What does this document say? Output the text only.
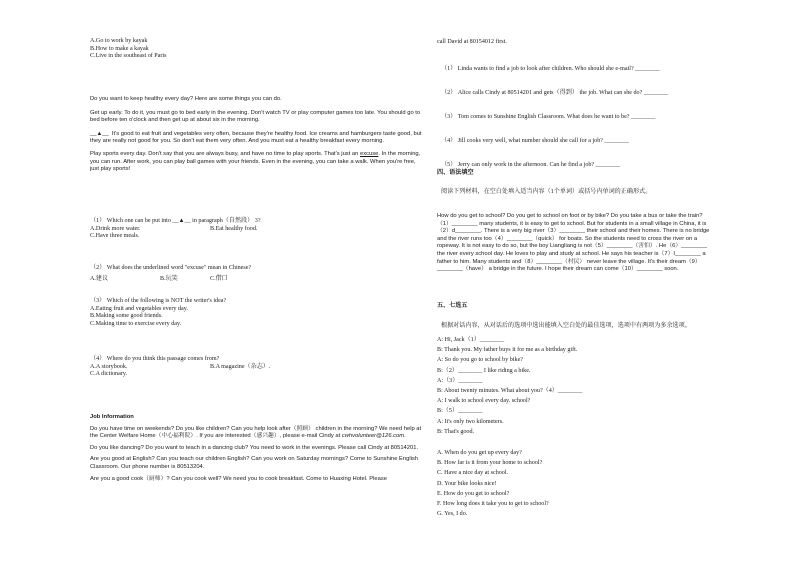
A.Go to work by kayak

B.How to make a kayak

C.Live in the southeast of Paris

Do you want to keep healthy every day? Here are some things you can do.

Get up early. To do it, you must go to bed early in the evening. Don't watch TV or play computer games too late. You should go to bed before ten o'clock and then get up at about six in the morning.

__▲__ It's good to eat fruit and vegetables very often, because they're healthy food. Ice creams and hamburgers taste good, but they are really not good for you. So don't eat them very often. And you must eat a healthy breakfast every morning.

Play sports every day. Don't say that you are always busy, and have no time to play sports. That's just an excuse. In the morning, you can run. After work, you can play ball games with your friends. Even in the evening, you can take a walk. When you're free, just play sports!

（1） Which one can be put into __▲__ in paragraph（自然段） 3?

A.Drink more water.	B.Eat healthy food.

C.Have three meals.

（2） What does the underlined word "excuse" mean in Chinese?

A.建议	B.玩笑	C.借口

（3） Which of the following is NOT the writer's idea?

A.Eating fruit and vegetables every day.

B.Making some good friends.

C.Making time to exercise every day.

（4） Where do you think this passage comes from?

A.A storybook.	B.A magazine（杂志）.

C.A dictionary.

Job Information

Do you have time on weekends? Do you like children? Can you help look after（照顾） children in the morning? We need help at the Center Welfare Home（中心福利院）. If you are interested（感兴趣）, please e-mail Cindy at cwhvolunteer@126.com.

Do you like dancing? Do you want to teach in a dancing club? You need to work in the evenings. Please call Cindy at 80514201.

Are you good at English? Can you teach our children English? Can you work on Saturday mornings? Come to Sunshine English Classroom. Our phone number is 80513204.

Are you a good cook（厨师）? Can you cook well? We need you to cook breakfast. Come to Huaxing Hotel. Please

call David at 80154012 first.

（1） Linda wants to find a job to look after children. Who should she e-mail? ________

（2） Alice calls Cindy at 80514201 and gets（得到） the job. What can she do? ________

（3） Tom comes to Sunshine English Classroom. What does he want to be? ________

（4） Jill cooks very well, what number should she call for a job? ________

（5） Jerry can only work in the afternoon. Can he find a job? ________

四、语法填空

阅读下列材料，在空白处填入适当内容（1个单词）或括号内单词的正确形式。

How do you get to school? Do you get to school on foot or by bike? Do you take a bus or take the train?（1）________ many students, it is easy to get to school. But for students in a small village in China, it is（2）d________. There is a very big river（3）________ their school and their homes. There is no bridge and the river runs too（4）________（quick） for boats. So the students need to cross the river on a ropeway. It is not easy to do so, but the boy Liangliang is not（5）________（害怕）. He（6）________ the river every school day. He loves to play and study at school. He says his teacher is（7）I________ a father to him. Many students and（8）________（村民） never leave the village. It's their dream（9）________（have） a bridge in the future. I hope their dream can come（10）________ soon.

五、七选五

根据对话内容，从对话后的选项中选出能填入空白处的最佳选项，选项中有两项为多余选项。

A: Hi, Jack（1）________

B: Thank you. My father buys it for me as a birthday gift.

A: So do you go to school by bike?

B:（2）________ I like riding a bike.

A:（3）________

B: About twenty minutes. What about you?（4）________

A: I walk to school every day. school?

B:（5）________

A: It's only two kilometers.

B: That's good.

A. When do you get up every day?

B. How far is it from your home to school?

C. Have a nice day at school.

D. Your bike looks nice!

E. How do you get to school?

F. How long does it take you to get to school?

G. Yes, I do.
